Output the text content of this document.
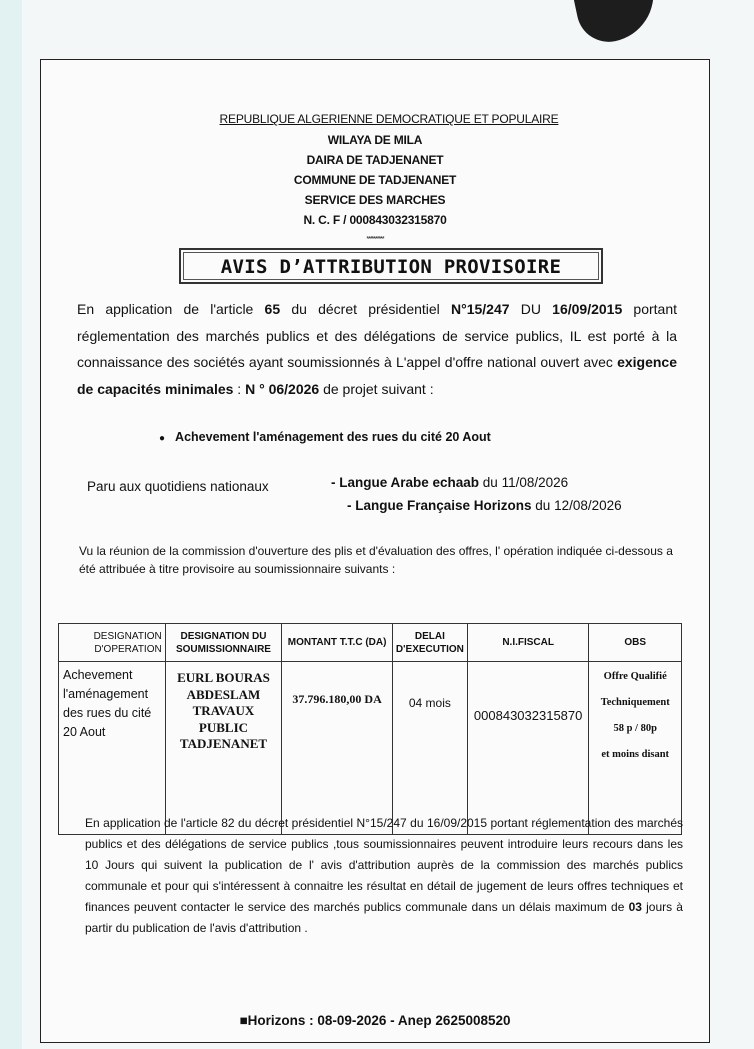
REPUBLIQUE ALGERIENNE DEMOCRATIQUE ET POPULAIRE
WILAYA DE MILA
DAIRA DE TADJENANET
COMMUNE DE TADJENANET
SERVICE DES MARCHES
N. C. F / 000843032315870
**********
AVIS D’ATTRIBUTION PROVISOIRE
En application de l'article 65 du décret présidentiel N°15/247 DU 16/09/2015 portant réglementation des marchés publics et des délégations de service publics, IL est porté à la connaissance des sociétés ayant soumissionnés à L'appel d'offre national ouvert avec exigence de capacités minimales : N ° 06/2026 de projet suivant :
● Achevement l'aménagement des rues du cité 20 Aout
Paru aux quotidiens nationaux	- Langue Arabe echaab du 11/08/2026
- Langue Française Horizons du 12/08/2026
Vu la réunion de la commission d'ouverture des plis et d'évaluation des offres, l' opération indiquée ci-dessous a été attribuée à titre provisoire au soumissionnaire suivants :
DESIGNATION D'OPERATION	DESIGNATION DU SOUMISSIONNAIRE	MONTANT T.T.C (DA)	DELAI D'EXECUTION	N.I.FISCAL	OBS
Achevement l'aménagement des rues du cité 20 Aout	EURL BOURAS ABDESLAM TRAVAUX PUBLIC TADJENANET	37.796.180,00 DA	04 mois	000843032315870	Offre Qualifié
Techniquement
58 p / 80p
et moins disant
En application de l'article 82 du décret présidentiel N°15/247 du 16/09/2015 portant réglementation des marchés publics et des délégations de service publics ,tous soumissionnaires peuvent introduire leurs recours dans les 10 Jours qui suivent la publication de l' avis d'attribution auprès de la commission des marchés publics communale et pour qui s'intéressent à connaitre les résultat en détail de jugement de leurs offres techniques et finances peuvent contacter le service des marchés publics communale dans un délais maximum de 03 jours à partir du publication de l'avis d'attribution .
■Horizons : 08-09-2026 - Anep 2625008520
